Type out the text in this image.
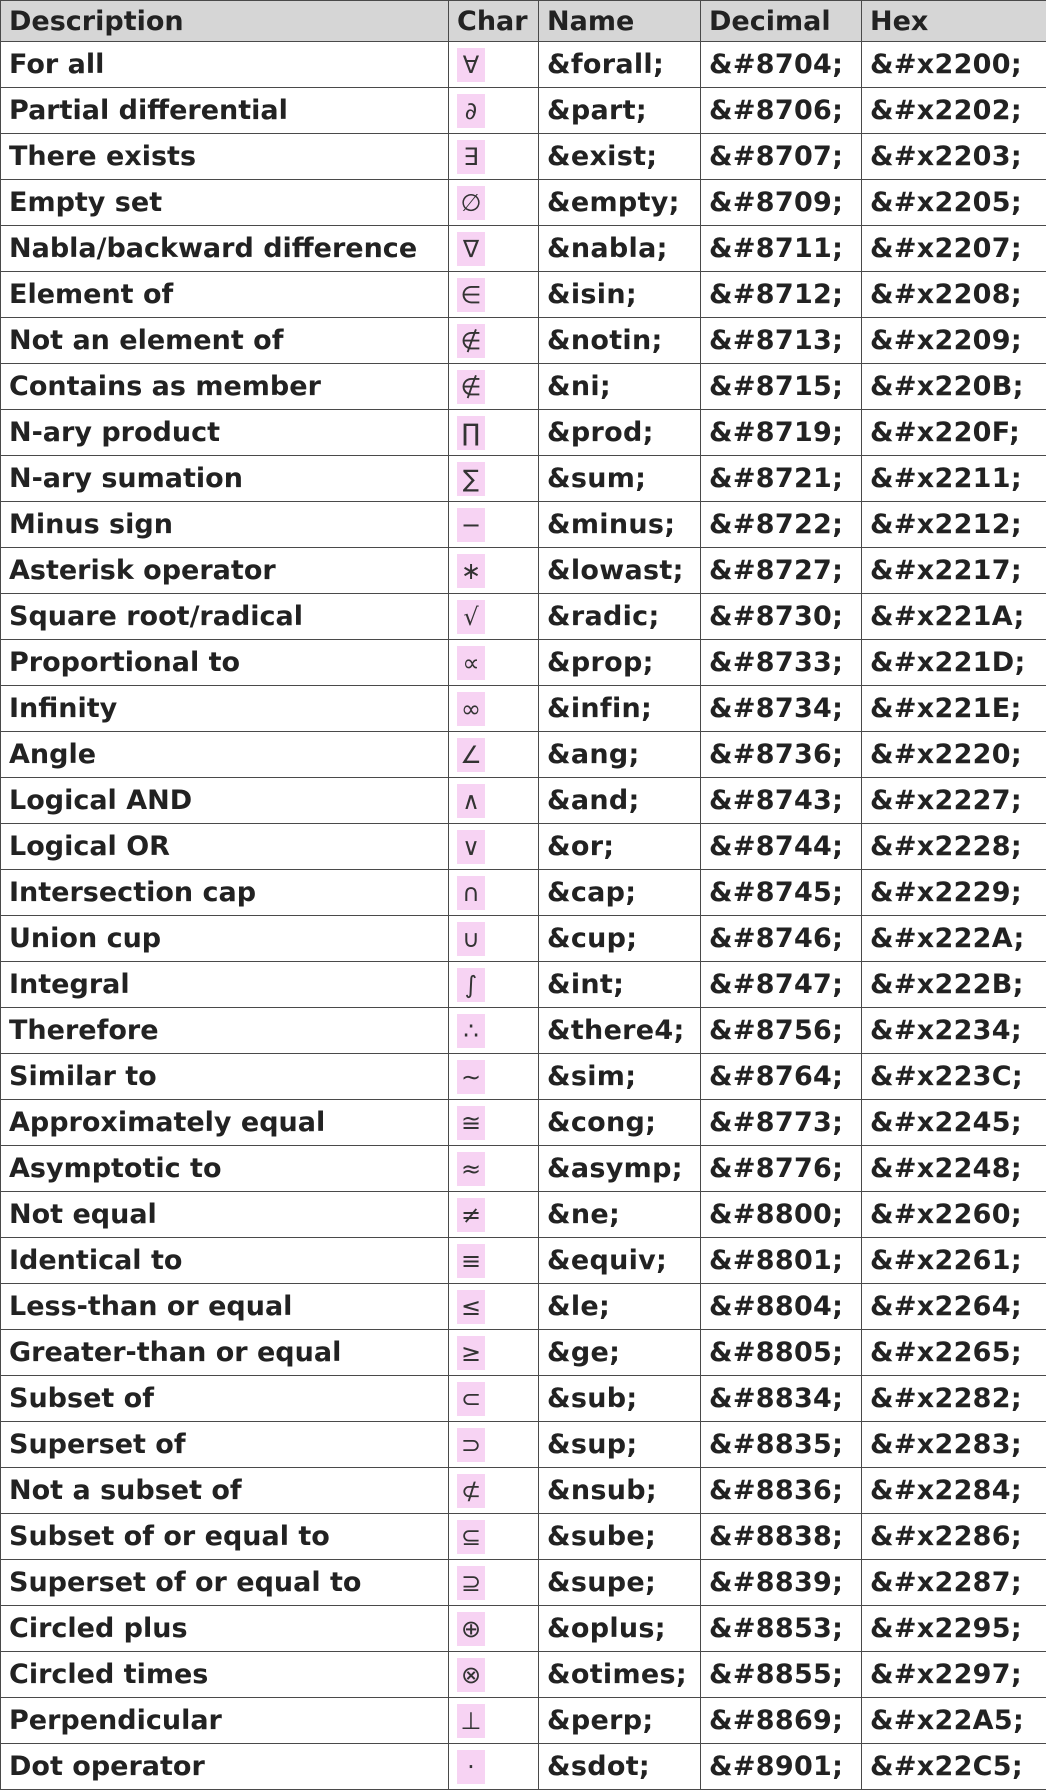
Description	Char	Name	Decimal	Hex
For all	∀	&forall;	&#8704;	&#x2200;
Partial differential	∂	&part;	&#8706;	&#x2202;
There exists	∃	&exist;	&#8707;	&#x2203;
Empty set	∅	&empty;	&#8709;	&#x2205;
Nabla/backward difference	∇	&nabla;	&#8711;	&#x2207;
Element of	∈	&isin;	&#8712;	&#x2208;
Not an element of	∉	&notin;	&#8713;	&#x2209;
Contains as member	∉	&ni;	&#8715;	&#x220B;
N-ary product	∏	&prod;	&#8719;	&#x220F;
N-ary sumation	∑	&sum;	&#8721;	&#x2211;
Minus sign	−	&minus;	&#8722;	&#x2212;
Asterisk operator	∗	&lowast;	&#8727;	&#x2217;
Square root/radical	√	&radic;	&#8730;	&#x221A;
Proportional to	∝	&prop;	&#8733;	&#x221D;
Infinity	∞	&infin;	&#8734;	&#x221E;
Angle	∠	&ang;	&#8736;	&#x2220;
Logical AND	∧	&and;	&#8743;	&#x2227;
Logical OR	∨	&or;	&#8744;	&#x2228;
Intersection cap	∩	&cap;	&#8745;	&#x2229;
Union cup	∪	&cup;	&#8746;	&#x222A;
Integral	∫	&int;	&#8747;	&#x222B;
Therefore	∴	&there4;	&#8756;	&#x2234;
Similar to	∼	&sim;	&#8764;	&#x223C;
Approximately equal	≅	&cong;	&#8773;	&#x2245;
Asymptotic to	≈	&asymp;	&#8776;	&#x2248;
Not equal	≠	&ne;	&#8800;	&#x2260;
Identical to	≡	&equiv;	&#8801;	&#x2261;
Less-than or equal	≤	&le;	&#8804;	&#x2264;
Greater-than or equal	≥	&ge;	&#8805;	&#x2265;
Subset of	⊂	&sub;	&#8834;	&#x2282;
Superset of	⊃	&sup;	&#8835;	&#x2283;
Not a subset of	⊄	&nsub;	&#8836;	&#x2284;
Subset of or equal to	⊆	&sube;	&#8838;	&#x2286;
Superset of or equal to	⊇	&supe;	&#8839;	&#x2287;
Circled plus	⊕	&oplus;	&#8853;	&#x2295;
Circled times	⊗	&otimes;	&#8855;	&#x2297;
Perpendicular	⊥	&perp;	&#8869;	&#x22A5;
Dot operator	⋅	&sdot;	&#8901;	&#x22C5;
